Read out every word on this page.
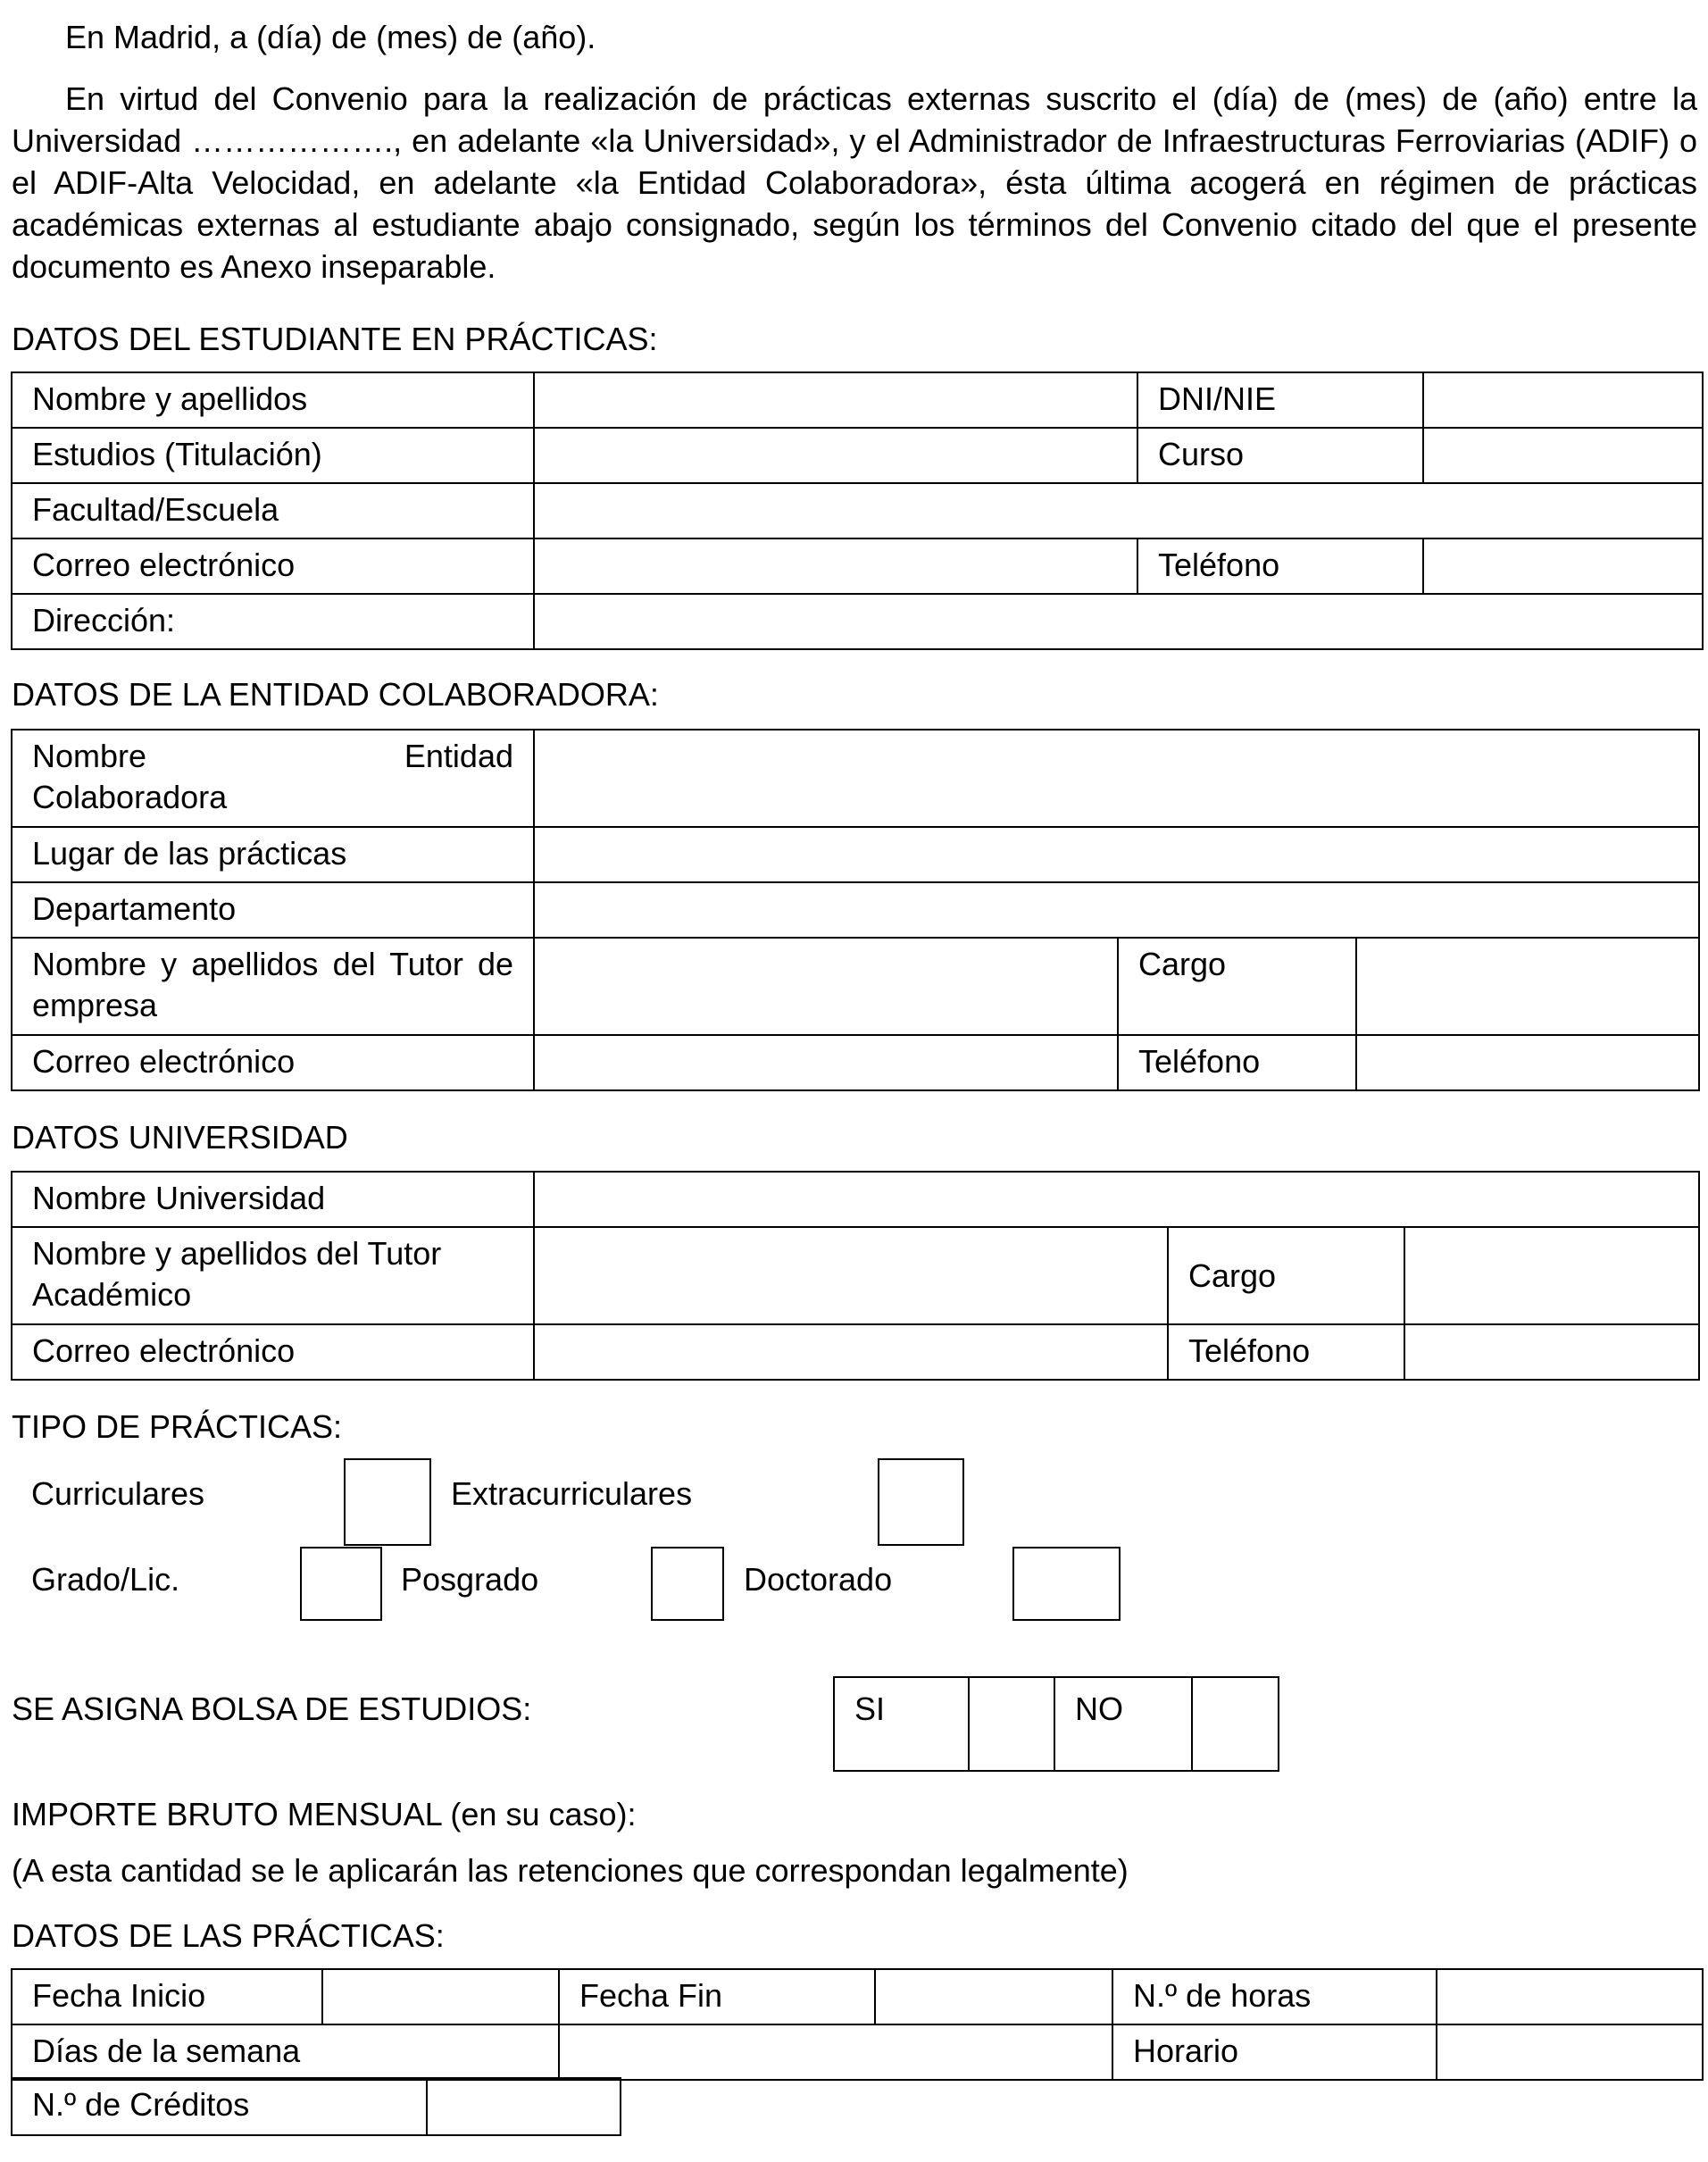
En Madrid, a (día) de (mes) de (año).
En virtud del Convenio para la realización de prácticas externas suscrito el (día) de (mes) de (año) entre la Universidad ………………., en adelante «la Universidad», y el Administrador de Infraestructuras Ferroviarias (ADIF) o el ADIF-Alta Velocidad, en adelante «la Entidad Colaboradora», ésta última acogerá en régimen de prácticas académicas externas al estudiante abajo consignado, según los términos del Convenio citado del que el presente documento es Anexo inseparable.
DATOS DEL ESTUDIANTE EN PRÁCTICAS:
Nombre y apellidos		DNI/NIE	
Estudios (Titulación)		Curso	
Facultad/Escuela			
Correo electrónico		Teléfono	
Dirección:			
DATOS DE LA ENTIDAD COLABORADORA:
Nombre Entidad
Colaboradora			

Lugar de las prácticas			
Departamento			
Nombre y apellidos del Tutor de empresa		Cargo	
Correo electrónico		Teléfono	
DATOS UNIVERSIDAD
Nombre Universidad			
Nombre y apellidos del Tutor Académico		Cargo	
Correo electrónico		Teléfono	
TIPO DE PRÁCTICAS:
Curriculares	Extracurriculares
Grado/Lic.	Posgrado	Doctorado
SE ASIGNA BOLSA DE ESTUDIOS:	SI		NO	
IMPORTE BRUTO MENSUAL (en su caso):
(A esta cantidad se le aplicarán las retenciones que correspondan legalmente)
DATOS DE LAS PRÁCTICAS:
Fecha Inicio		Fecha Fin		N.º de horas	
Días de la semana				Horario	
N.º de Créditos	
